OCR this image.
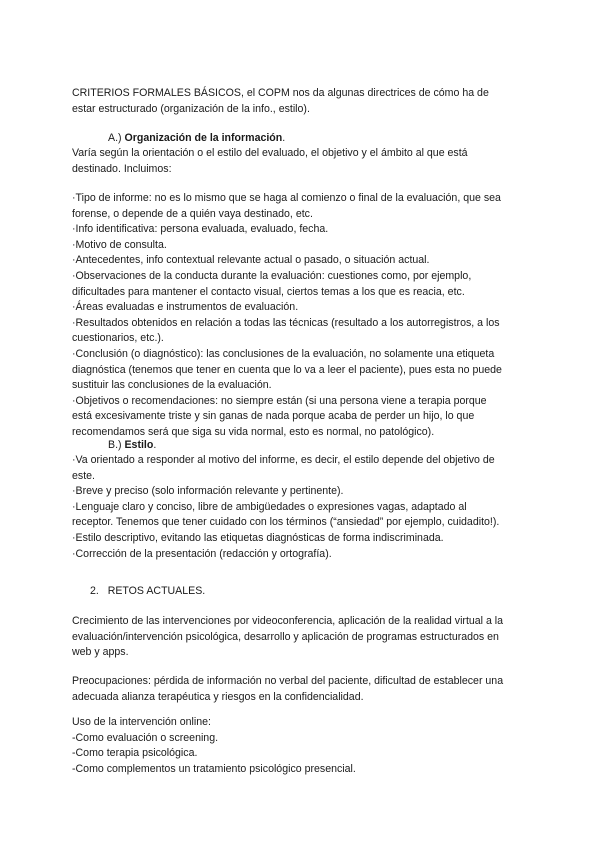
CRITERIOS FORMALES BÁSICOS, el COPM nos da algunas directrices de cómo ha de
estar estructurado (organización de la info., estilo).
A.) Organización de la información.
Varía según la orientación o el estilo del evaluado, el objetivo y el ámbito al que está
destinado. Incluimos:
·Tipo de informe: no es lo mismo que se haga al comienzo o final de la evaluación, que sea
forense, o depende de a quién vaya destinado, etc.
·Info identificativa: persona evaluada, evaluado, fecha.
·Motivo de consulta.
·Antecedentes, info contextual relevante actual o pasado, o situación actual.
·Observaciones de la conducta durante la evaluación: cuestiones como, por ejemplo,
dificultades para mantener el contacto visual, ciertos temas a los que es reacia, etc.
·Áreas evaluadas e instrumentos de evaluación.
·Resultados obtenidos en relación a todas las técnicas (resultado a los autorregistros, a los
cuestionarios, etc.).
·Conclusión (o diagnóstico): las conclusiones de la evaluación, no solamente una etiqueta
diagnóstica (tenemos que tener en cuenta que lo va a leer el paciente), pues esta no puede
sustituir las conclusiones de la evaluación.
·Objetivos o recomendaciones: no siempre están (si una persona viene a terapia porque
está excesivamente triste y sin ganas de nada porque acaba de perder un hijo, lo que
recomendamos será que siga su vida normal, esto es normal, no patológico).
B.) Estilo.
·Va orientado a responder al motivo del informe, es decir, el estilo depende del objetivo de
este.
·Breve y preciso (solo información relevante y pertinente).
·Lenguaje claro y conciso, libre de ambigüedades o expresiones vagas, adaptado al
receptor. Tenemos que tener cuidado con los términos (“ansiedad” por ejemplo, cuidadito!).
·Estilo descriptivo, evitando las etiquetas diagnósticas de forma indiscriminada.
·Corrección de la presentación (redacción y ortografía).
2. RETOS ACTUALES.
Crecimiento de las intervenciones por videoconferencia, aplicación de la realidad virtual a la
evaluación/intervención psicológica, desarrollo y aplicación de programas estructurados en
web y apps.
Preocupaciones: pérdida de información no verbal del paciente, dificultad de establecer una
adecuada alianza terapéutica y riesgos en la confidencialidad.
Uso de la intervención online:
-Como evaluación o screening.
-Como terapia psicológica.
-Como complementos un tratamiento psicológico presencial.
